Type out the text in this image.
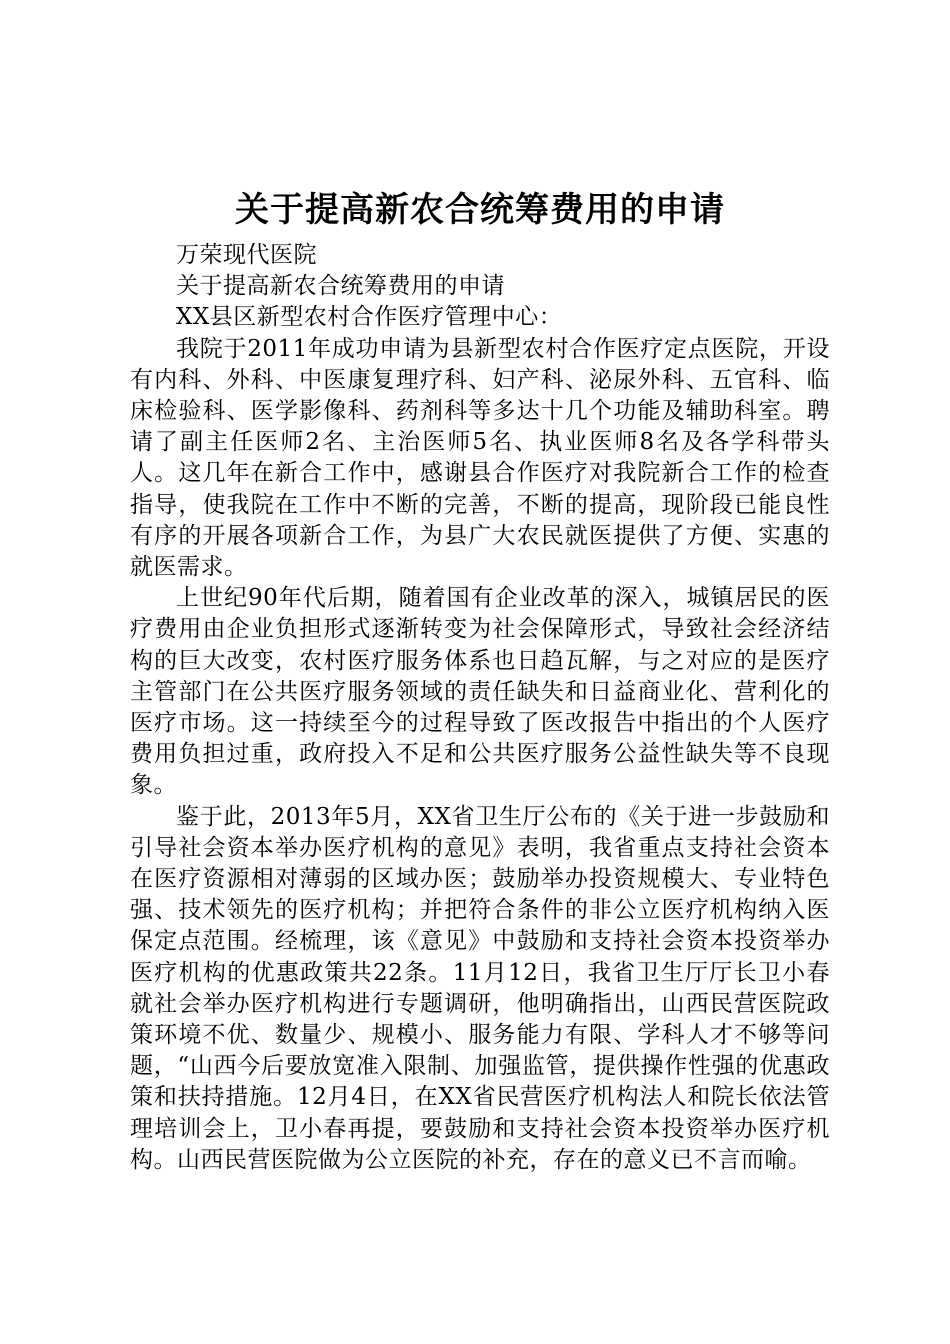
关于提高新农合统筹费用的申请

万荣现代医院

关于提高新农合统筹费用的申请

XX县区新型农村合作医疗管理中心：

我院于2011年成功申请为县新型农村合作医疗定点医院，开设有内科、外科、中医康复理疗科、妇产科、泌尿外科、五官科、临床检验科、医学影像科、药剂科等多达十几个功能及辅助科室。聘请了副主任医师2名、主治医师5名、执业医师8名及各学科带头人。这几年在新合工作中，感谢县合作医疗对我院新合工作的检查指导，使我院在工作中不断的完善，不断的提高，现阶段已能良性有序的开展各项新合工作，为县广大农民就医提供了方便、实惠的就医需求。

上世纪90年代后期，随着国有企业改革的深入，城镇居民的医疗费用由企业负担形式逐渐转变为社会保障形式，导致社会经济结构的巨大改变，农村医疗服务体系也日趋瓦解，与之对应的是医疗主管部门在公共医疗服务领域的责任缺失和日益商业化、营利化的医疗市场。这一持续至今的过程导致了医改报告中指出的个人医疗费用负担过重，政府投入不足和公共医疗服务公益性缺失等不良现象。

鉴于此，2013年5月，XX省卫生厅公布的《关于进一步鼓励和引导社会资本举办医疗机构的意见》表明，我省重点支持社会资本在医疗资源相对薄弱的区域办医；鼓励举办投资规模大、专业特色强、技术领先的医疗机构；并把符合条件的非公立医疗机构纳入医保定点范围。经梳理，该《意见》中鼓励和支持社会资本投资举办医疗机构的优惠政策共22条。11月12日，我省卫生厅厅长卫小春就社会举办医疗机构进行专题调研，他明确指出，山西民营医院政策环境不优、数量少、规模小、服务能力有限、学科人才不够等问题，“山西今后要放宽准入限制、加强监管，提供操作性强的优惠政策和扶持措施。12月4日，在XX省民营医疗机构法人和院长依法管理培训会上，卫小春再提，要鼓励和支持社会资本投资举办医疗机构。山西民营医院做为公立医院的补充，存在的意义已不言而喻。
